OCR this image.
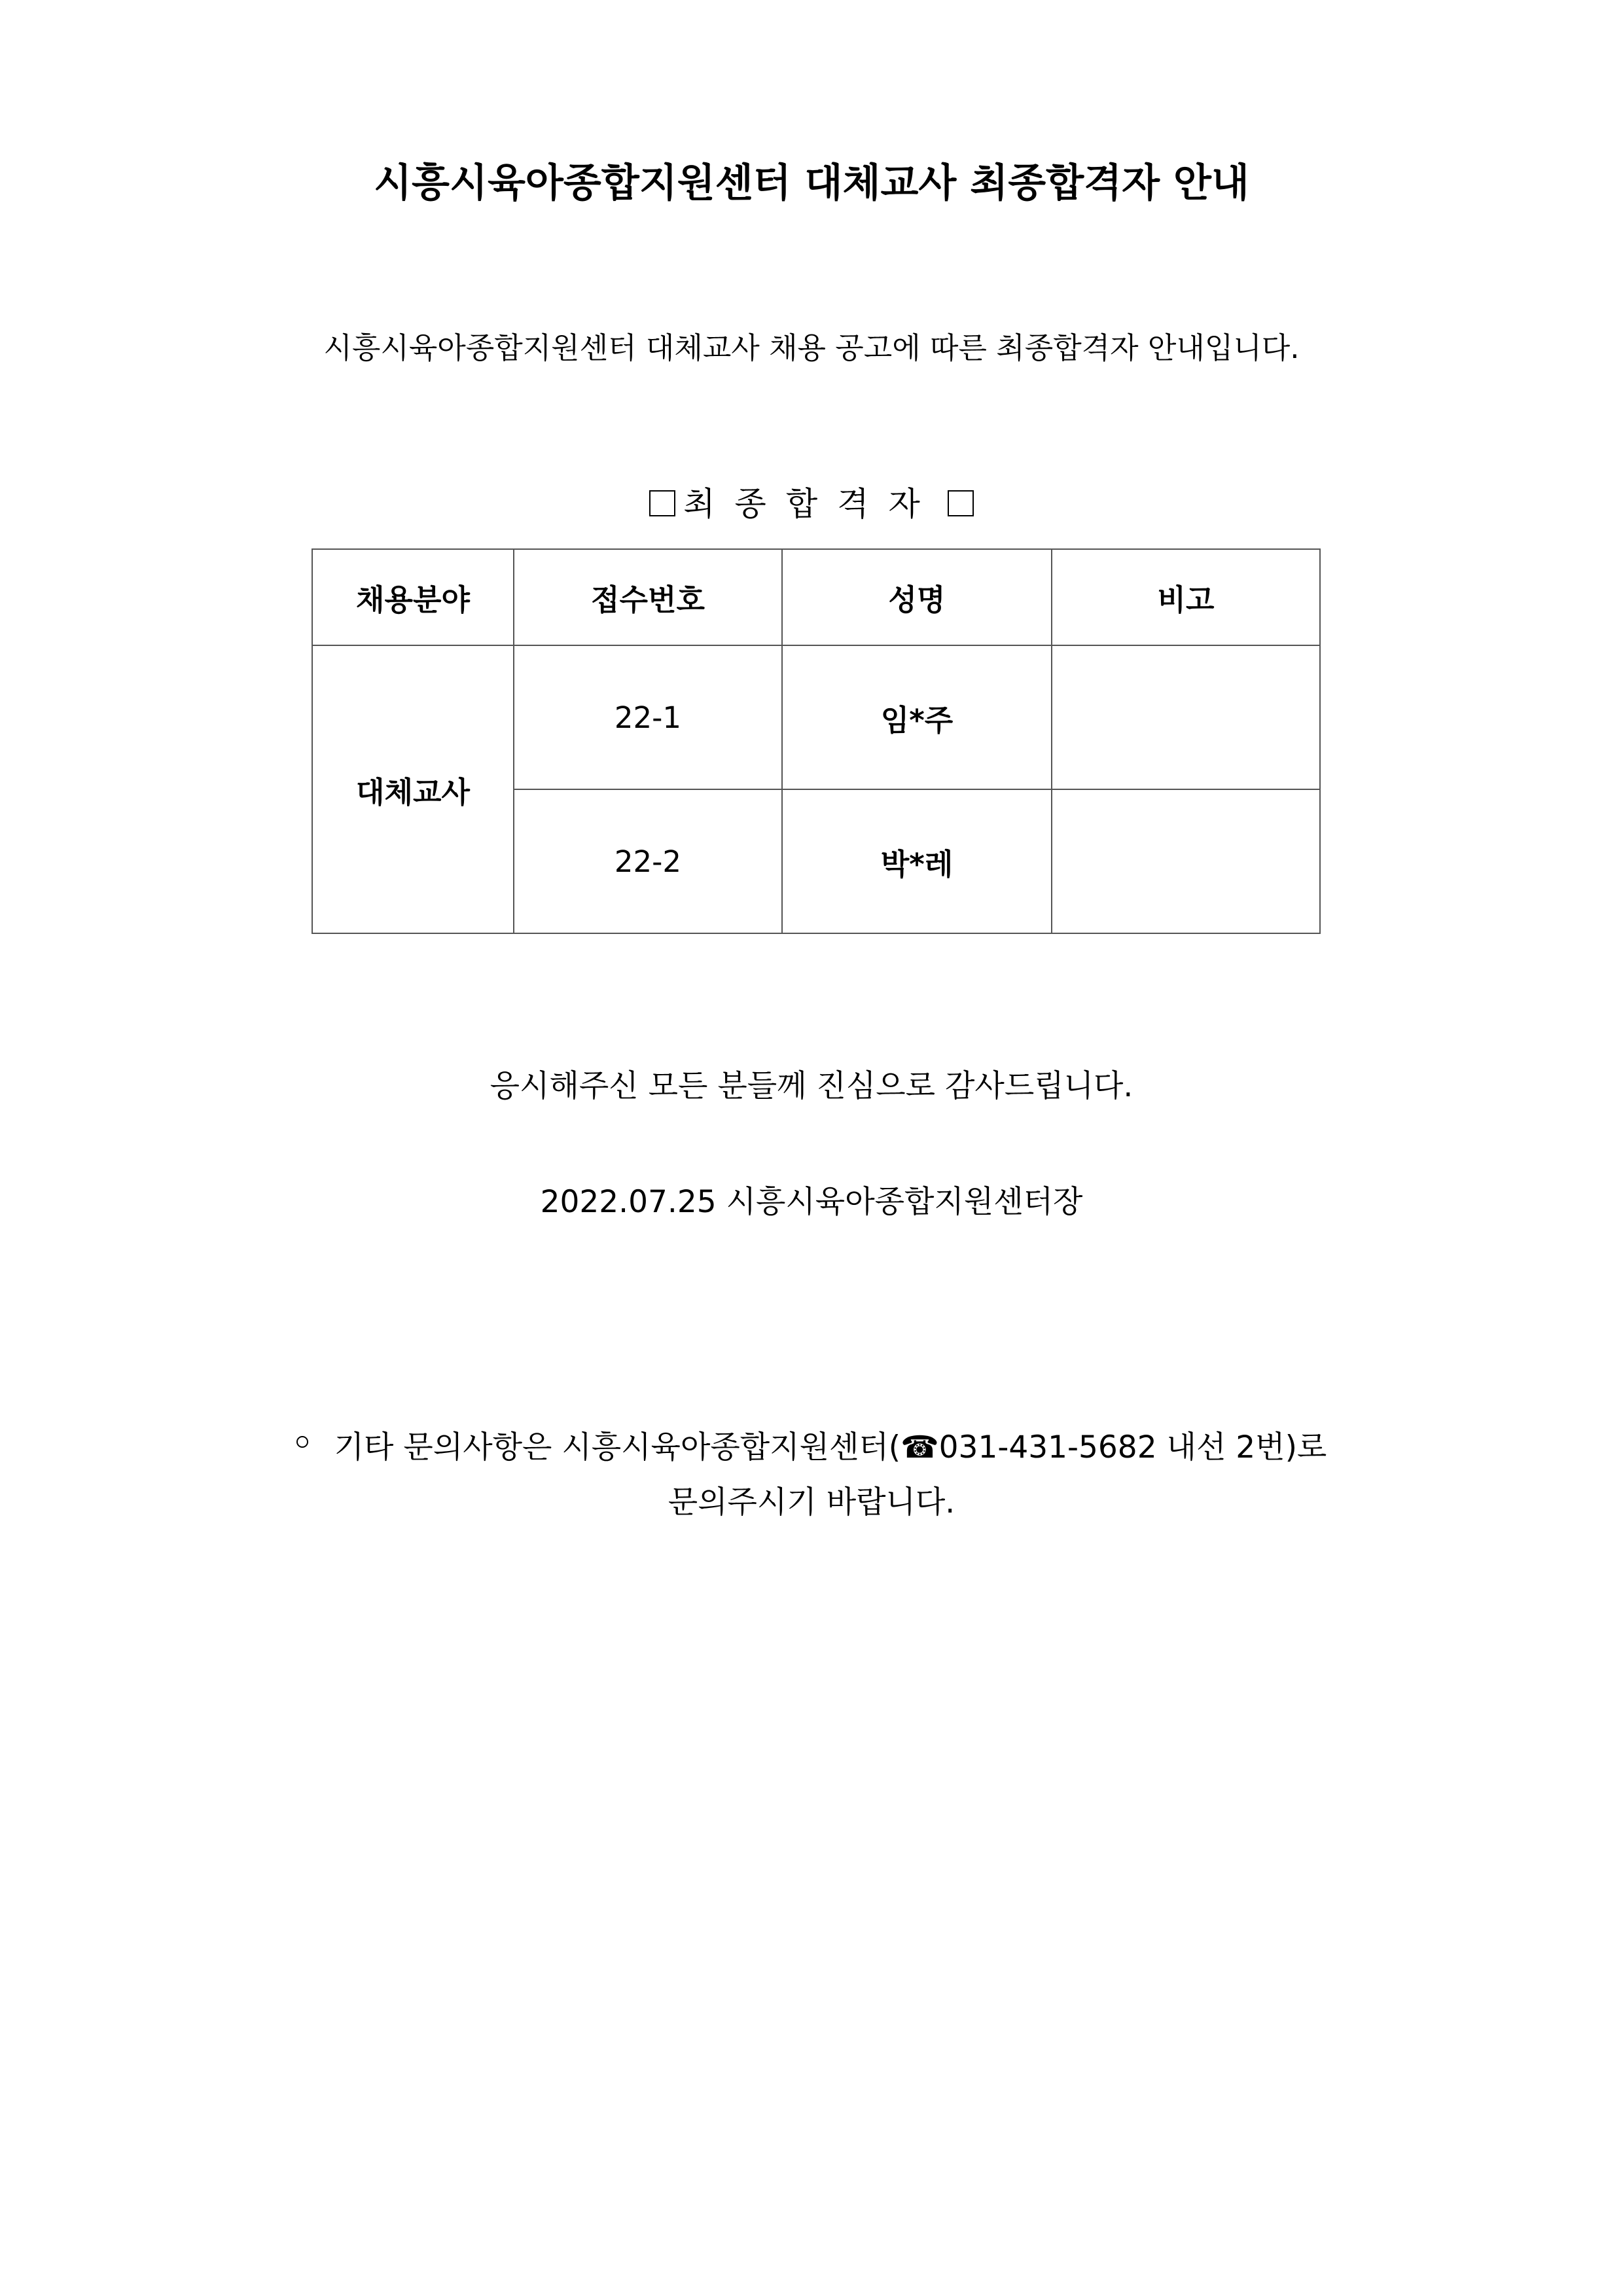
시흥시육아종합지원센터 대체교사 최종합격자 안내
시흥시육아종합지원센터 대체교사 채용 공고에 따른 최종합격자 안내입니다.
최종합격자
채용분야	접수번호	성명	비고
대체교사	22-1	임*주	
	22-2	박*레	
응시해주신 모든 분들께 진심으로 감사드립니다.
2022.07.25 시흥시육아종합지원센터장
기타 문의사항은 시흥시육아종합지원센터(☎031-431-5682 내선 2번)로
문의주시기 바랍니다.
